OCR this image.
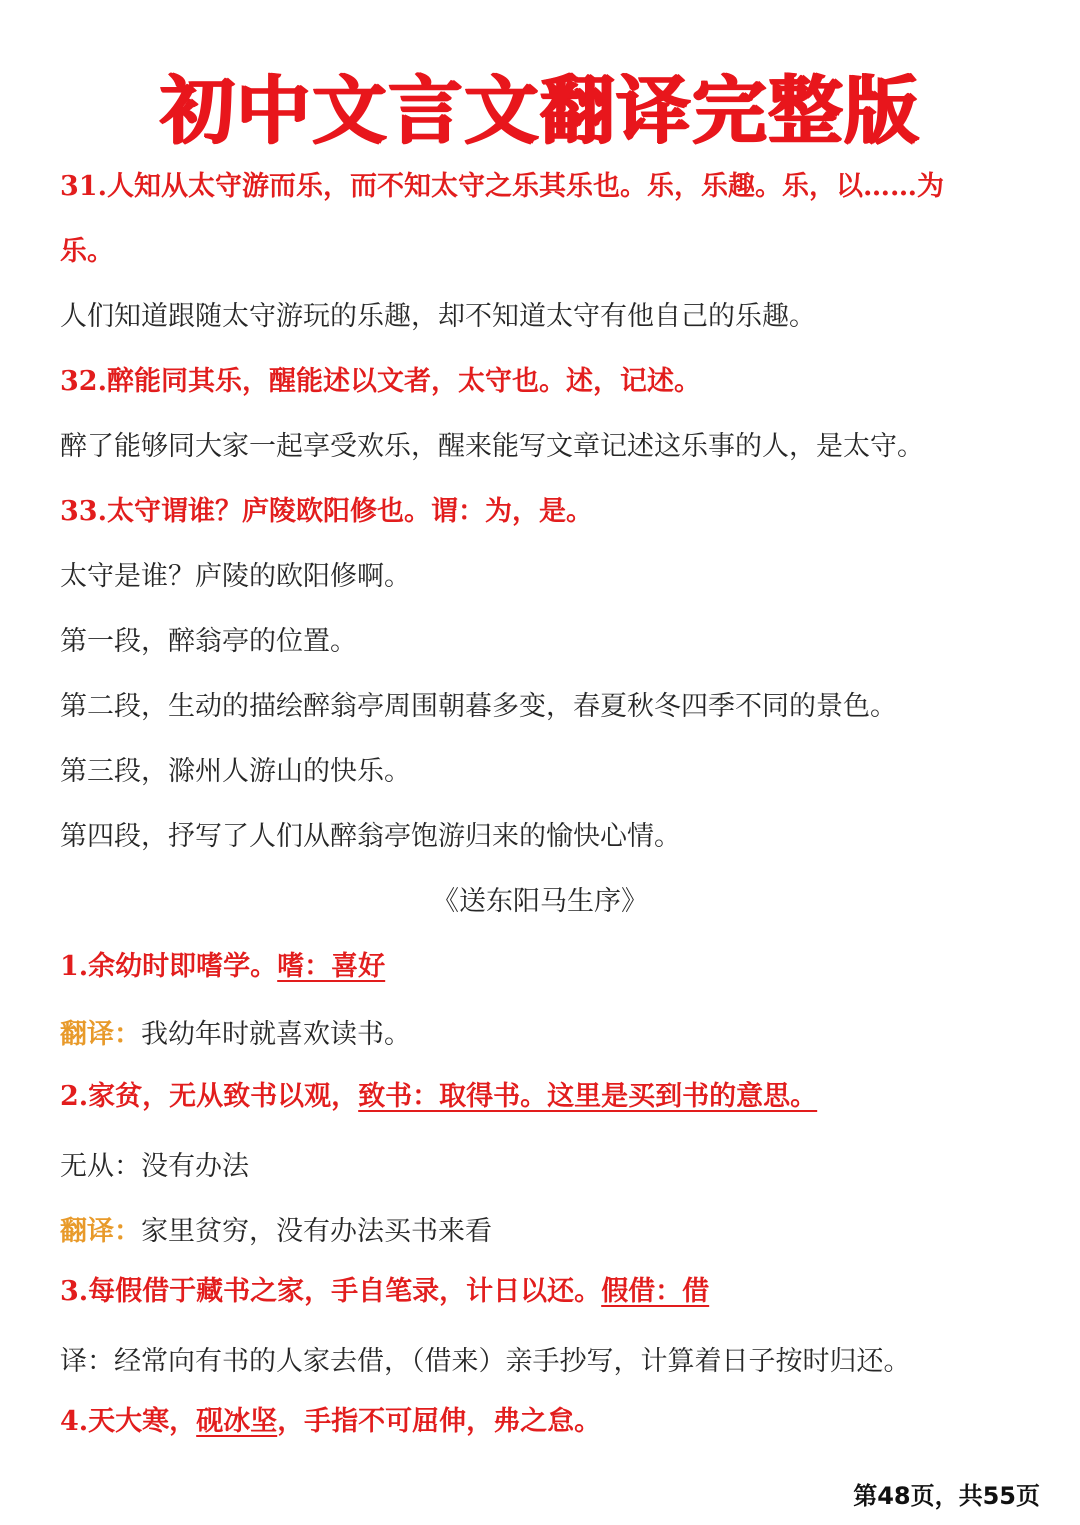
初中文言文翻译完整版
31.人知从太守游而乐，而不知太守之乐其乐也。乐，乐趣。乐，以……为
乐。
人们知道跟随太守游玩的乐趣，却不知道太守有他自己的乐趣。
32.醉能同其乐，醒能述以文者，太守也。述，记述。
醉了能够同大家一起享受欢乐，醒来能写文章记述这乐事的人，是太守。
33.太守谓谁？庐陵欧阳修也。谓：为，是。
太守是谁？庐陵的欧阳修啊。
第一段，醉翁亭的位置。
第二段，生动的描绘醉翁亭周围朝暮多变，春夏秋冬四季不同的景色。
第三段，滁州人游山的快乐。
第四段，抒写了人们从醉翁亭饱游归来的愉快心情。
《送东阳马生序》
1.余幼时即嗜学。嗜：喜好
翻译：我幼年时就喜欢读书。
2.家贫，无从致书以观，致书：取得书。这里是买到书的意思。
无从：没有办法
翻译：家里贫穷，没有办法买书来看
3.每假借于藏书之家，手自笔录，计日以还。假借：借
译：经常向有书的人家去借，（借来）亲手抄写，计算着日子按时归还。
4.天大寒，砚冰坚，手指不可屈伸，弗之怠。
第48页，共55页
